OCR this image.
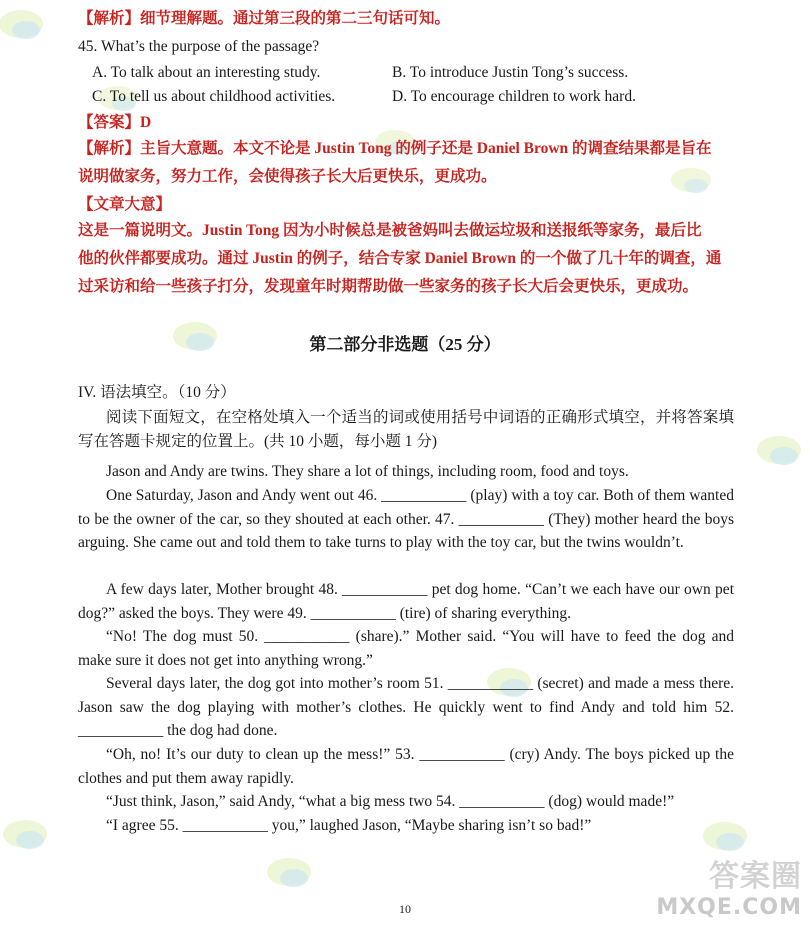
【解析】细节理解题。通过第三段的第二三句话可知。
45. What’s the purpose of the passage?
A. To talk about an interesting study.	B. To introduce Justin Tong’s success.
C. To tell us about childhood activities.	D. To encourage children to work hard.
【答案】D
【解析】主旨大意题。本文不论是 Justin Tong 的例子还是 Daniel Brown 的调查结果都是旨在
说明做家务，努力工作，会使得孩子长大后更快乐，更成功。
【文章大意】
这是一篇说明文。Justin Tong 因为小时候总是被爸妈叫去做运垃圾和送报纸等家务，最后比
他的伙伴都要成功。通过 Justin 的例子，结合专家 Daniel Brown 的一个做了几十年的调查，通
过采访和给一些孩子打分，发现童年时期帮助做一些家务的孩子长大后会更快乐，更成功。
第二部分非选题（25 分）
IV. 语法填空。（10 分）
阅读下面短文，在空格处填入一个适当的词或使用括号中词语的正确形式填空，并将答案填写在答题卡规定的位置上。(共 10 小题，每小题 1 分)
Jason and Andy are twins. They share a lot of things, including room, food and toys.
One Saturday, Jason and Andy went out 46. ___________ (play) with a toy car. Both of them wanted to be the owner of the car, so they shouted at each other. 47. ___________ (They) mother heard the boys arguing. She came out and told them to take turns to play with the toy car, but the twins wouldn’t.
A few days later, Mother brought 48. ___________ pet dog home. “Can’t we each have our own pet dog?” asked the boys. They were 49. ___________ (tire) of sharing everything.
“No! The dog must 50. ___________ (share).” Mother said. “You will have to feed the dog and make sure it does not get into anything wrong.”
Several days later, the dog got into mother’s room 51. ___________ (secret) and made a mess there. Jason saw the dog playing with mother’s clothes. He quickly went to find Andy and told him 52. ___________ the dog had done.
“Oh, no! It’s our duty to clean up the mess!” 53. ___________ (cry) Andy. The boys picked up the clothes and put them away rapidly.
“Just think, Jason,” said Andy, “what a big mess two 54. ___________ (dog) would made!”
“I agree 55. ___________ you,” laughed Jason, “Maybe sharing isn’t so bad!”
10
答案圈
MXQE.COM
